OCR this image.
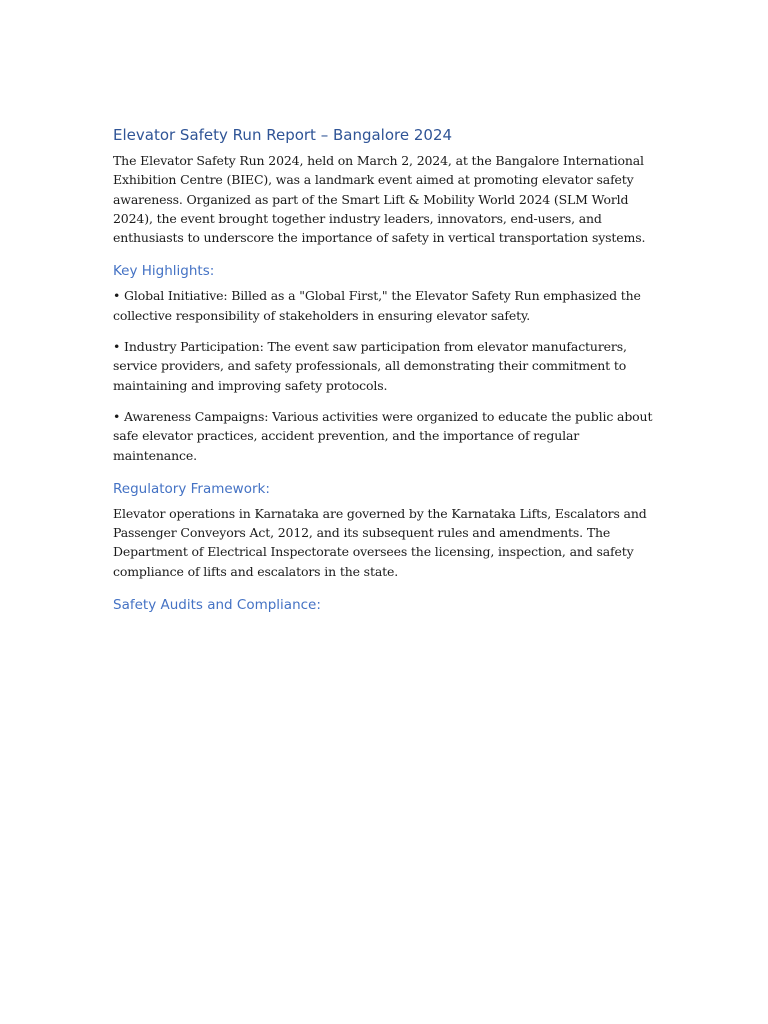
Elevator Safety Run Report – Bangalore 2024

The Elevator Safety Run 2024, held on March 2, 2024, at the Bangalore International Exhibition Centre (BIEC), was a landmark event aimed at promoting elevator safety awareness. Organized as part of the Smart Lift & Mobility World 2024 (SLM World 2024), the event brought together industry leaders, innovators, end-users, and enthusiasts to underscore the importance of safety in vertical transportation systems.

Key Highlights:

• Global Initiative: Billed as a "Global First," the Elevator Safety Run emphasized the collective responsibility of stakeholders in ensuring elevator safety.

• Industry Participation: The event saw participation from elevator manufacturers, service providers, and safety professionals, all demonstrating their commitment to maintaining and improving safety protocols.

• Awareness Campaigns: Various activities were organized to educate the public about safe elevator practices, accident prevention, and the importance of regular maintenance.

Regulatory Framework:

Elevator operations in Karnataka are governed by the Karnataka Lifts, Escalators and Passenger Conveyors Act, 2012, and its subsequent rules and amendments. The Department of Electrical Inspectorate oversees the licensing, inspection, and safety compliance of lifts and escalators in the state.

Safety Audits and Compliance:
